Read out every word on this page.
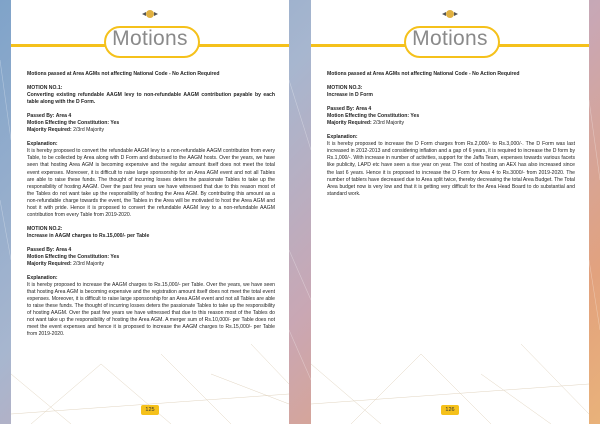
Motions

Motions passed at Area AGMs not affecting National Code - No Action Required

MOTION NO.1:

Converting existing refundable AAGM levy to non-refundable AAGM contribution payable by each table along with the D Form.

Passed By: Area 4

Motion Effecting the Constitution: Yes

Majority Required: 2/3rd Majority

Explanation:

It is hereby proposed to convert the refundable AAGM levy to a non-refundable AAGM contribution from every Table, to be collected by Area along with D Form and disbursed to the AAGM hosts. Over the years, we have seen that hosting Area AGM is becoming expensive and the regular amount itself does not meet the total event expenses. Moreover, it is difficult to raise large sponsorship for an Area AGM event and not all Tables are able to raise these funds. The thought of incurring losses deters the passionate Tables to take up the responsibility of hosting AAGM. Over the past few years we have witnessed that due to this reason most of the Tables do not want take up the responsibility of hosting the Area AGM. By contributing this amount as a non-refundable charge towards the event, the Tables in the Area will be motivated to host the Area AGM and host it with pride. Hence it is proposed to convert the refundable AAGM levy to a non-refundable AAGM contribution from every Table from 2019-2020.

MOTION NO.2:

Increase in AAGM charges to Rs.15,000/- per Table

Passed By: Area 4

Motion Effecting the Constitution: Yes

Majority Required: 2/3rd Majority

Explanation:

It is hereby proposed to increase the AAGM charges to Rs.15,000/- per Table. Over the years, we have seen that hosting Area AGM is becoming expensive and the registration amount itself does not meet the total event expenses. Moreover, it is difficult to raise large sponsorship for an Area AGM event and not all Tables are able to raise these funds. The thought of incurring losses deters the passionate Tables to take up the responsibility of hosting AAGM. Over the past few years we have witnessed that due to this reason most of the Tables do not want take up the responsibility of hosting the Area AGM. A merger sum of Rs.10,000/- per Table does not meet the event expenses and hence it is proposed to increase the AAGM charges to Rs.15,000/- per Table from 2019-2020.

125
Motions

Motions passed at Area AGMs not affecting National Code - No Action Required

MOTION NO.3:

Increase in D Form

Passed By: Area 4

Motion Effecting the Constitution: Yes

Majority Required: 2/3rd Majority

Explanation:

It is hereby proposed to increase the D Form charges from Rs.2,000/- to Rs.3,000/-. The D Form was last increased in 2012-2013 and considering inflation and a gap of 6 years, it is required to increase the D form by Rs.1,000/-. With increase in number of activities, support for the Jaffa Team, expenses towards various facets like publicity, LAPD etc have seen a rise year on year. The cost of hosting an AEX has also increased since the last 6 years. Hence it is proposed to increase the D Form for Area 4 to Rs.3000/- from 2019-2020. The number of tablers have decreased due to Area split twice, thereby decreasing the total Area Budget. The Total Area budget now is very low and that it is getting very difficult for the Area Head Board to do substantial and standard work.

126
